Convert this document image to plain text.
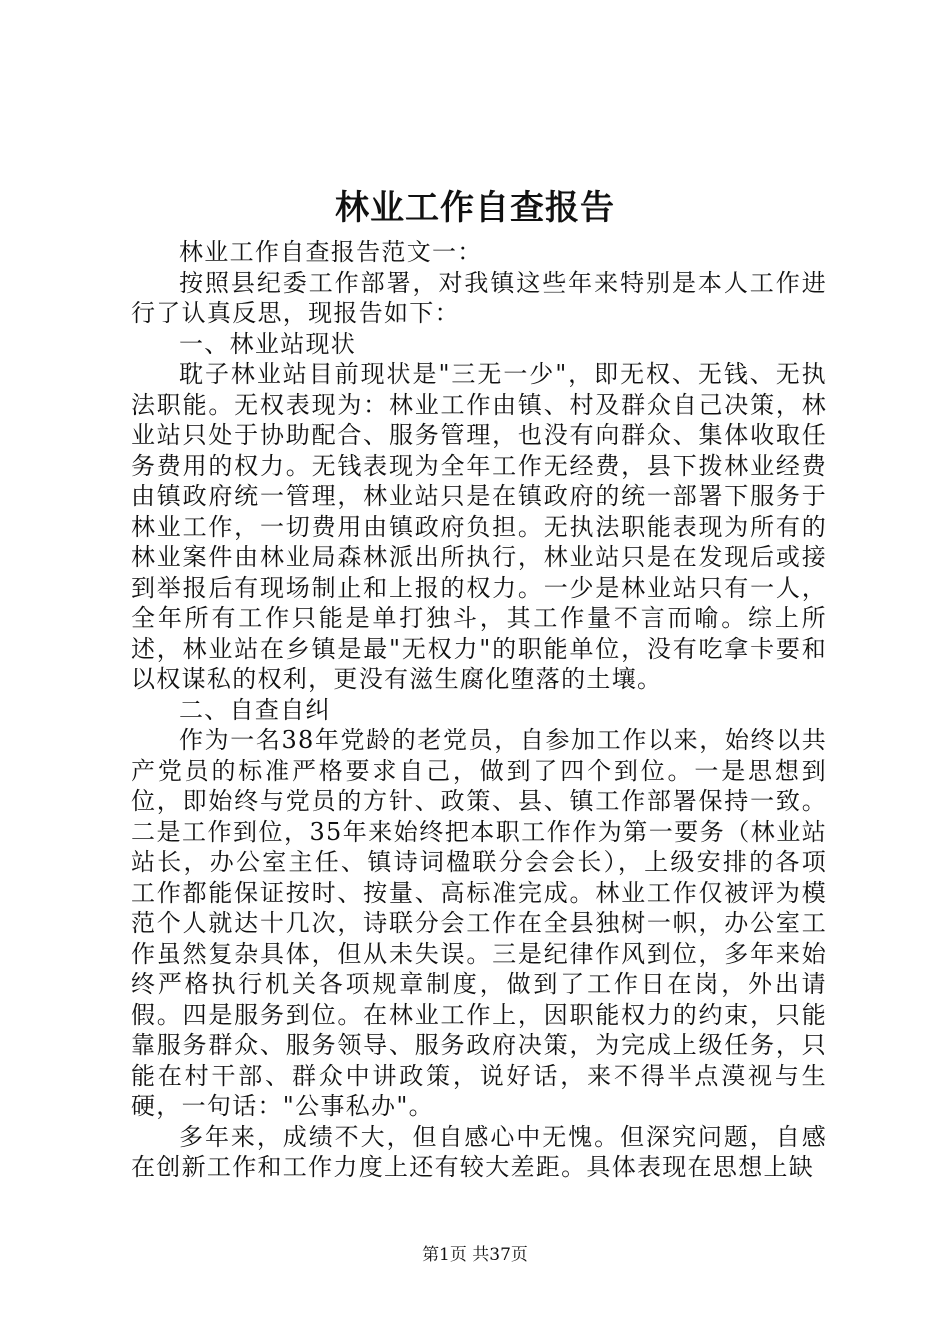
林业工作自查报告

林业工作自查报告范文一：

按照县纪委工作部署，对我镇这些年来特别是本人工作进行了认真反思，现报告如下：

一、林业站现状

耽子林业站目前现状是"三无一少"，即无权、无钱、无执法职能。无权表现为：林业工作由镇、村及群众自己决策，林业站只处于协助配合、服务管理，也没有向群众、集体收取任务费用的权力。无钱表现为全年工作无经费，县下拨林业经费由镇政府统一管理，林业站只是在镇政府的统一部署下服务于林业工作，一切费用由镇政府负担。无执法职能表现为所有的林业案件由林业局森林派出所执行，林业站只是在发现后或接到举报后有现场制止和上报的权力。一少是林业站只有一人，全年所有工作只能是单打独斗，其工作量不言而喻。综上所述，林业站在乡镇是最"无权力"的职能单位，没有吃拿卡要和以权谋私的权利，更没有滋生腐化堕落的土壤。

二、自查自纠

作为一名38年党龄的老党员，自参加工作以来，始终以共产党员的标准严格要求自己，做到了四个到位。一是思想到位，即始终与党员的方针、政策、县、镇工作部署保持一致。二是工作到位，35年来始终把本职工作作为第一要务（林业站站长，办公室主任、镇诗词楹联分会会长），上级安排的各项工作都能保证按时、按量、高标准完成。林业工作仅被评为模范个人就达十几次，诗联分会工作在全县独树一帜，办公室工作虽然复杂具体，但从未失误。三是纪律作风到位，多年来始终严格执行机关各项规章制度，做到了工作日在岗，外出请假。四是服务到位。在林业工作上，因职能权力的约束，只能靠服务群众、服务领导、服务政府决策，为完成上级任务，只能在村干部、群众中讲政策，说好话，来不得半点漠视与生硬，一句话："公事私办"。

多年来，成绩不大，但自感心中无愧。但深究问题，自感在创新工作和工作力度上还有较大差距。具体表现在思想上缺

第1页 共37页
